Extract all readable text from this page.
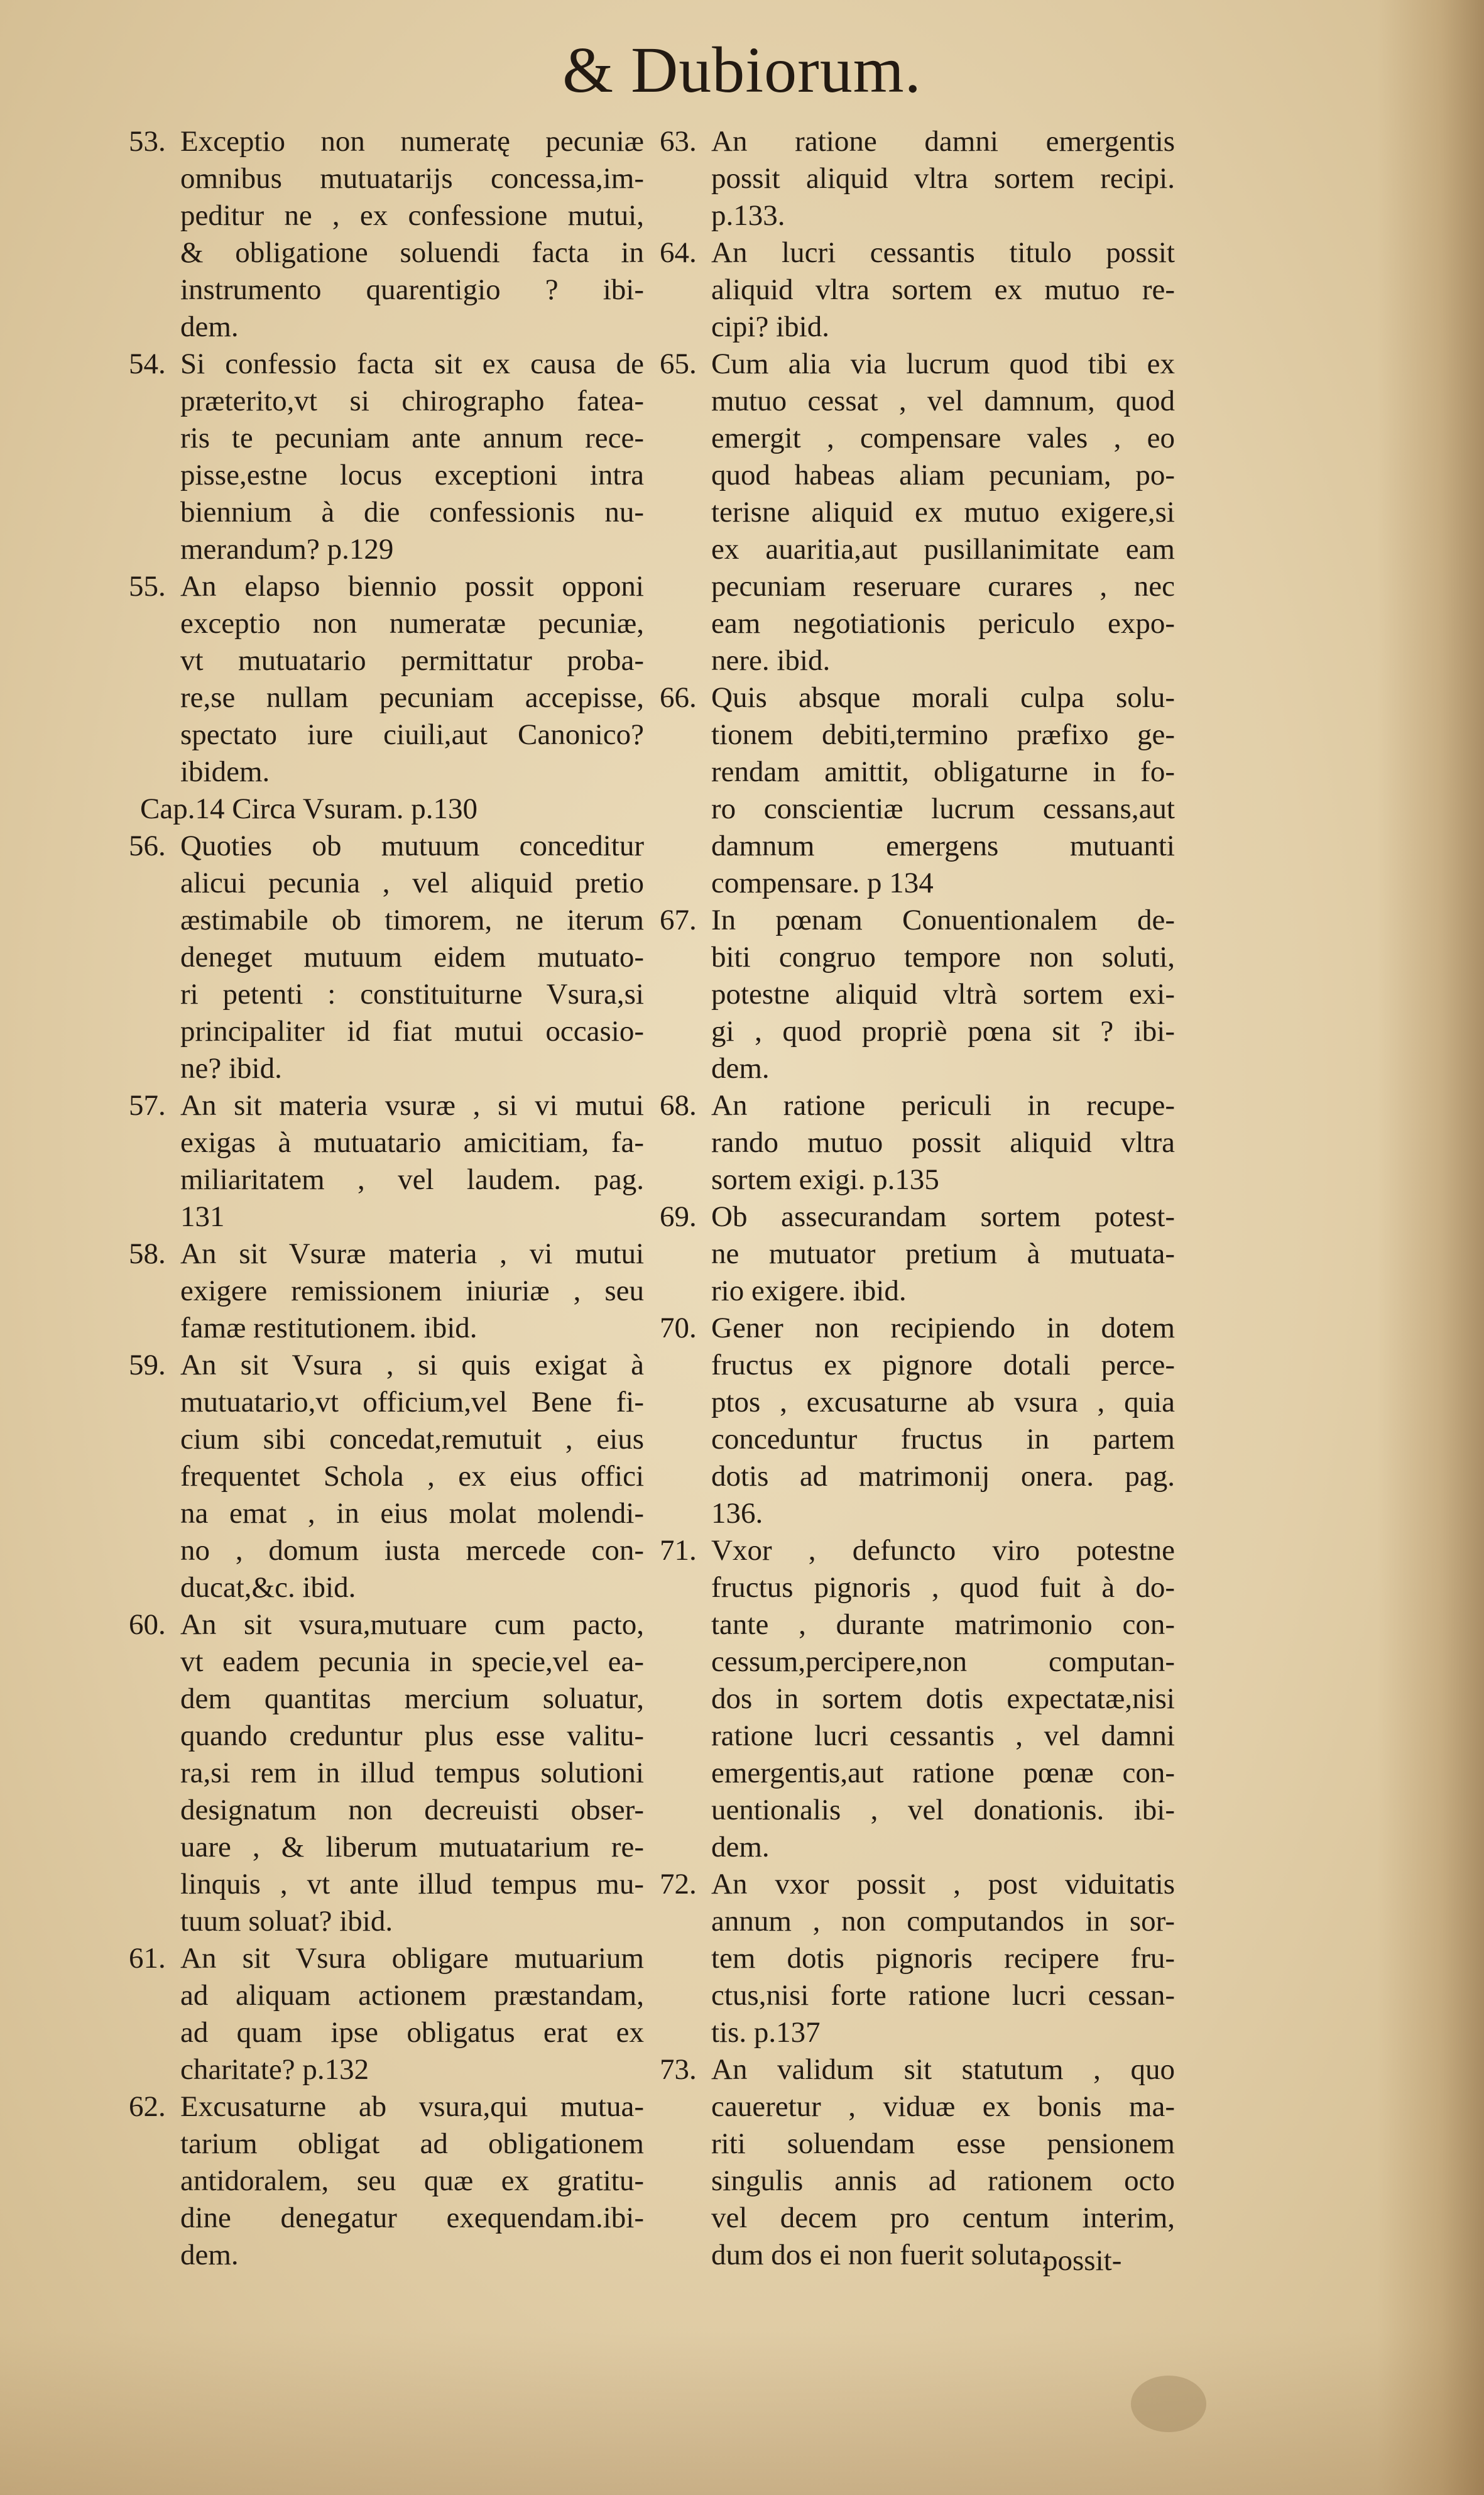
& Dubiorum.
53. Exceptio non numeratę pecuniæ
omnibus mutuatarijs concessa,im-
peditur ne , ex confessione mutui,
& obligatione soluendi facta in
instrumento quarentigio ? ibi-
dem.
54. Si confessio facta sit ex causa de
præterito,vt si chirographo fatea-
ris te pecuniam ante annum rece-
pisse,estne locus exceptioni intra
biennium à die confessionis nu-
merandum? p.129
55. An elapso biennio possit opponi
exceptio non numeratæ pecuniæ,
vt mutuatario permittatur proba-
re,se nullam pecuniam accepisse,
spectato iure ciuili,aut Canonico?
ibidem.
Cap.14 Circa Vsuram. p.130
56. Quoties ob mutuum conceditur
alicui pecunia , vel aliquid pretio
æstimabile ob timorem, ne iterum
deneget mutuum eidem mutuato-
ri petenti : constituiturne Vsura,si
principaliter id fiat mutui occasio-
ne? ibid.
57. An sit materia vsuræ , si vi mutui
exigas à mutuatario amicitiam, fa-
miliaritatem , vel laudem. pag.
131
58. An sit Vsuræ materia , vi mutui
exigere remissionem iniuriæ , seu
famæ restitutionem. ibid.
59. An sit Vsura , si quis exigat à
mutuatario,vt officium,vel Bene fi-
cium sibi concedat,remutuit , eius
frequentet Schola , ex eius offici
na emat , in eius molat molendi-
no , domum iusta mercede con-
ducat,&c. ibid.
60. An sit vsura,mutuare cum pacto,
vt eadem pecunia in specie,vel ea-
dem quantitas mercium soluatur,
quando creduntur plus esse valitu-
ra,si rem in illud tempus solutioni
designatum non decreuisti obser-
uare , & liberum mutuatarium re-
linquis , vt ante illud tempus mu-
tuum soluat? ibid.
61. An sit Vsura obligare mutuarium
ad aliquam actionem præstandam,
ad quam ipse obligatus erat ex
charitate? p.132
62. Excusaturne ab vsura,qui mutua-
tarium obligat ad obligationem
antidoralem, seu quæ ex gratitu-
dine denegatur exequendam.ibi-
dem.
63. An ratione damni emergentis
possit aliquid vltra sortem recipi.
p.133.
64. An lucri cessantis titulo possit
aliquid vltra sortem ex mutuo re-
cipi? ibid.
65. Cum alia via lucrum quod tibi ex
mutuo cessat , vel damnum, quod
emergit , compensare vales , eo
quod habeas aliam pecuniam, po-
terisne aliquid ex mutuo exigere,si
ex auaritia,aut pusillanimitate eam
pecuniam reseruare curares , nec
eam negotiationis periculo expo-
nere. ibid.
66. Quis absque morali culpa solu-
tionem debiti,termino præfixo ge-
rendam amittit, obligaturne in fo-
ro conscientiæ lucrum cessans,aut
damnum emergens mutuanti
compensare. p 134
67. In pœnam Conuentionalem de-
biti congruo tempore non soluti,
potestne aliquid vltrà sortem exi-
gi , quod propriè pœna sit ? ibi-
dem.
68. An ratione periculi in recupe-
rando mutuo possit aliquid vltra
sortem exigi. p.135
69. Ob assecurandam sortem potest-
ne mutuator pretium à mutuata-
rio exigere. ibid.
70. Gener non recipiendo in dotem
fructus ex pignore dotali perce-
ptos , excusaturne ab vsura , quia
conceduntur fructus in partem
dotis ad matrimonij onera. pag.
136.
71. Vxor , defuncto viro potestne
fructus pignoris , quod fuit à do-
tante , durante matrimonio con-
cessum,percipere,non computan-
dos in sortem dotis expectatæ,nisi
ratione lucri cessantis , vel damni
emergentis,aut ratione pœnæ con-
uentionalis , vel donationis. ibi-
dem.
72. An vxor possit , post viduitatis
annum , non computandos in sor-
tem dotis pignoris recipere fru-
ctus,nisi forte ratione lucri cessan-
tis. p.137
73. An validum sit statutum , quo
caueretur , viduæ ex bonis ma-
riti soluendam esse pensionem
singulis annis ad rationem octo
vel decem pro centum interim,
dum dos ei non fuerit soluta,
possit-
